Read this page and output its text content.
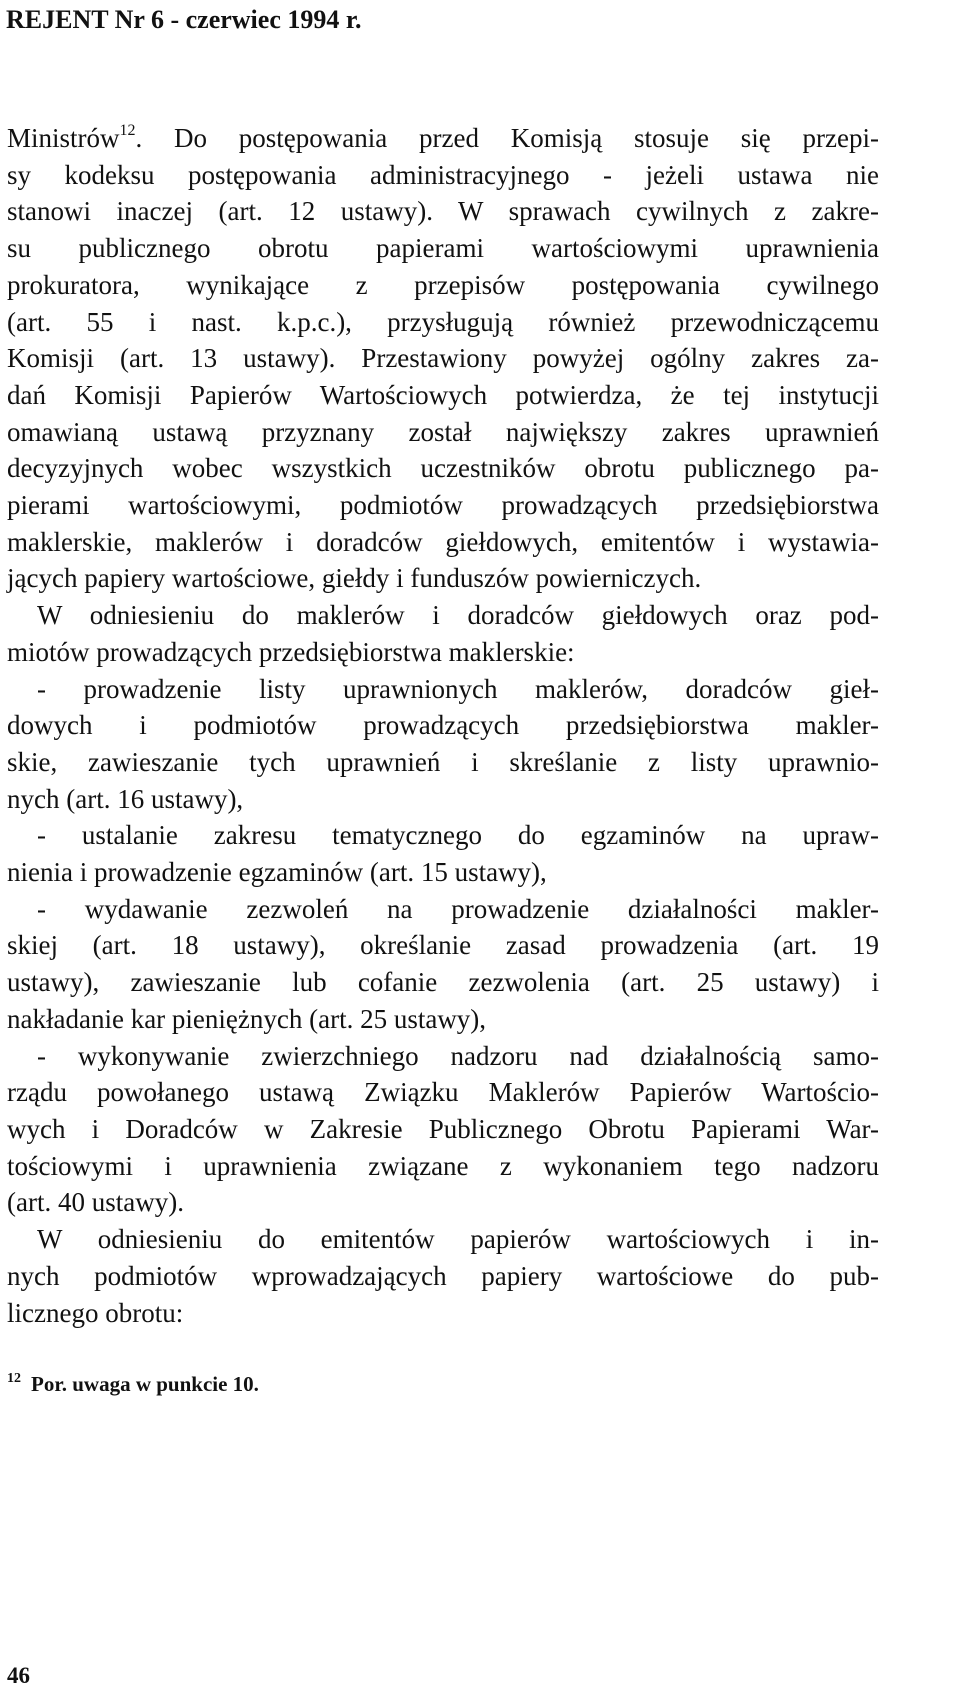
REJENT Nr 6 - czerwiec 1994 r.
Ministrów$^{12}$. Do postępowania przed Komisją stosuje się przepi-
sy kodeksu postępowania administracyjnego - jeżeli ustawa nie
stanowi inaczej (art. 12 ustawy). W sprawach cywilnych z zakre-
su publicznego obrotu papierami wartościowymi uprawnienia
prokuratora, wynikające z przepisów postępowania cywilnego
(art. 55 i nast. k.p.c.), przysługują również przewodniczącemu
Komisji (art. 13 ustawy). Przestawiony powyżej ogólny zakres za-
dań Komisji Papierów Wartościowych potwierdza, że tej instytucji
omawianą ustawą przyznany został największy zakres uprawnień
decyzyjnych wobec wszystkich uczestników obrotu publicznego pa-
pierami wartościowymi, podmiotów prowadzących przedsiębiorstwa
maklerskie, maklerów i doradców giełdowych, emitentów i wystawia-
jących papiery wartościowe, giełdy i funduszów powierniczych.
W odniesieniu do maklerów i doradców giełdowych oraz pod-
miotów prowadzących przedsiębiorstwa maklerskie:
- prowadzenie listy uprawnionych maklerów, doradców gieł-
dowych i podmiotów prowadzących przedsiębiorstwa makler-
skie, zawieszanie tych uprawnień i skreślanie z listy uprawnio-
nych (art. 16 ustawy),
- ustalanie zakresu tematycznego do egzaminów na upraw-
nienia i prowadzenie egzaminów (art. 15 ustawy),
- wydawanie zezwoleń na prowadzenie działalności makler-
skiej (art. 18 ustawy), określanie zasad prowadzenia (art. 19
ustawy), zawieszanie lub cofanie zezwolenia (art. 25 ustawy) i
nakładanie kar pieniężnych (art. 25 ustawy),
- wykonywanie zwierzchniego nadzoru nad działalnością samo-
rządu powołanego ustawą Związku Maklerów Papierów Wartościo-
wych i Doradców w Zakresie Publicznego Obrotu Papierami War-
tościowymi i uprawnienia związane z wykonaniem tego nadzoru
(art. 40 ustawy).
W odniesieniu do emitentów papierów wartościowych i in-
nych podmiotów wprowadzających papiery wartościowe do pub-
licznego obrotu:
$^{12}$ Por. uwaga w punkcie 10.
46
